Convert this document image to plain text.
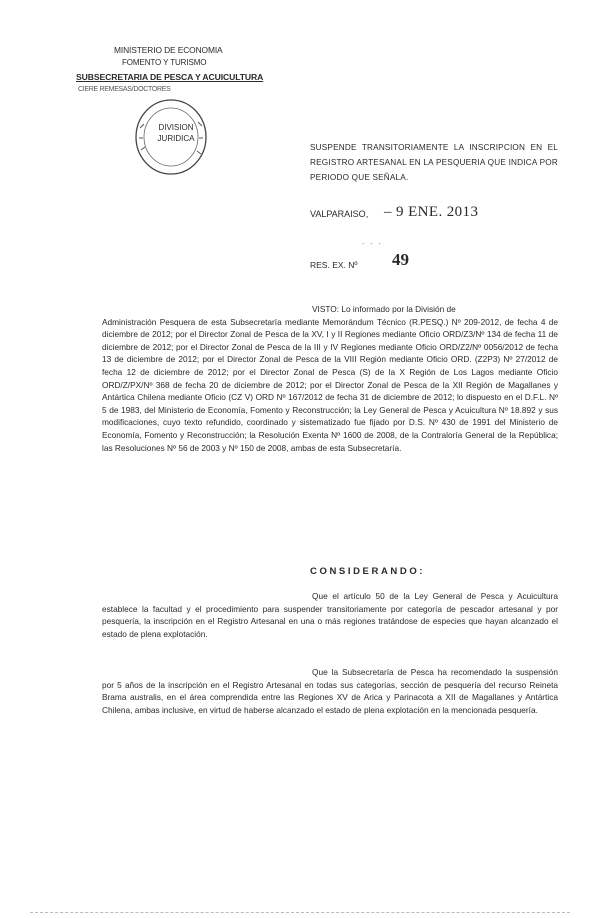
MINISTERIO DE ECONOMIA
FOMENTO Y TURISMO
SUBSECRETARIA DE PESCA Y ACUICULTURA
CIERE REMESAS/DOCTORES
DIVISION
JURIDICA
SUSPENDE TRANSITORIAMENTE LA INSCRIPCION EN EL REGISTRO ARTESANAL EN LA PESQUERIA QUE INDICA POR PERIODO QUE SEÑALA.
VALPARAISO, – 9 ENE. 2013
- - -
RES. EX. Nº 49
VISTO: Lo informado por la División de
Administración Pesquera de esta Subsecretaría mediante Memorándum Técnico (R.PESQ.) Nº 209-2012, de fecha 4 de diciembre de 2012; por el Director Zonal de Pesca de la XV, I y II Regiones mediante Oficio ORD/Z3/Nº 134 de fecha 11 de diciembre de 2012; por el Director Zonal de Pesca de la III y IV Regiones mediante Oficio ORD/Z2/Nº 0056/2012 de fecha 13 de diciembre de 2012; por el Director Zonal de Pesca de la VIII Región mediante Oficio ORD. (Z2P3) Nº 27/2012 de fecha 12 de diciembre de 2012; por el Director Zonal de Pesca (S) de la X Región de Los Lagos mediante Oficio ORD/Z/PX/Nº 368 de fecha 20 de diciembre de 2012; por el Director Zonal de Pesca de la XII Región de Magallanes y Antártica Chilena mediante Oficio (CZ V) ORD Nº 167/2012 de fecha 31 de diciembre de 2012; lo dispuesto en el D.F.L. Nº 5 de 1983, del Ministerio de Economía, Fomento y Reconstrucción; la Ley General de Pesca y Acuicultura Nº 18.892 y sus modificaciones, cuyo texto refundido, coordinado y sistematizado fue fijado por D.S. Nº 430 de 1991 del Ministerio de Economía, Fomento y Reconstrucción; la Resolución Exenta Nº 1600 de 2008, de la Contraloría General de la República; las Resoluciones Nº 56 de 2003 y Nº 150 de 2008, ambas de esta Subsecretaría.
CONSIDERANDO:
Que el artículo 50 de la Ley General de Pesca y Acuicultura establece la facultad y el procedimiento para suspender transitoriamente por categoría de pescador artesanal y por pesquería, la inscripción en el Registro Artesanal en una o más regiones tratándose de especies que hayan alcanzado el estado de plena explotación.
Que la Subsecretaría de Pesca ha recomendado la suspensión por 5 años de la inscripción en el Registro Artesanal en todas sus categorías, sección de pesquería del recurso Reineta Brama australis, en el área comprendida entre las Regiones XV de Arica y Parinacota a XII de Magallanes y Antártica Chilena, ambas inclusive, en virtud de haberse alcanzado el estado de plena explotación en la mencionada pesquería.
